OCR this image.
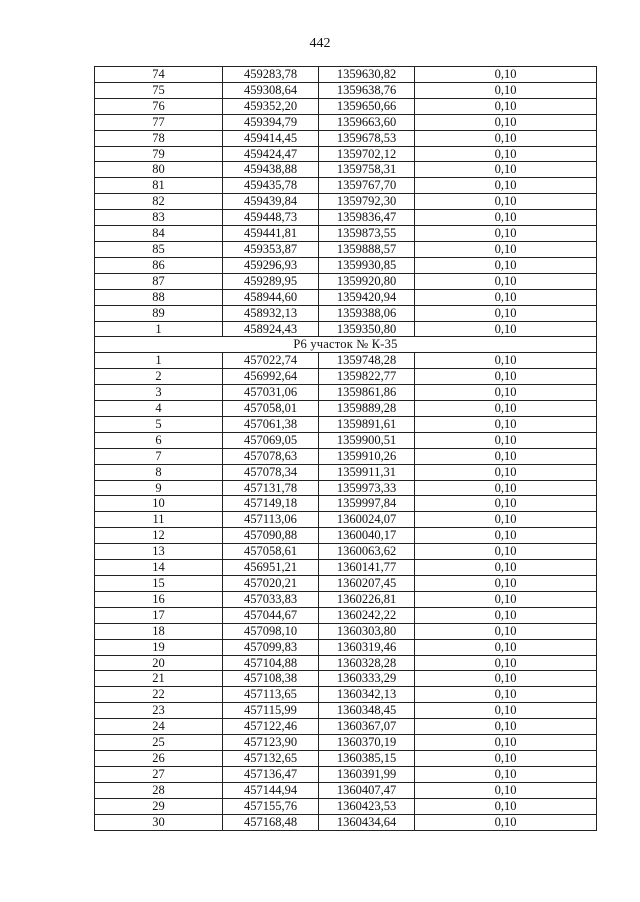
442
74	459283,78	1359630,82	0,10
75	459308,64	1359638,76	0,10
76	459352,20	1359650,66	0,10
77	459394,79	1359663,60	0,10
78	459414,45	1359678,53	0,10
79	459424,47	1359702,12	0,10
80	459438,88	1359758,31	0,10
81	459435,78	1359767,70	0,10
82	459439,84	1359792,30	0,10
83	459448,73	1359836,47	0,10
84	459441,81	1359873,55	0,10
85	459353,87	1359888,57	0,10
86	459296,93	1359930,85	0,10
87	459289,95	1359920,80	0,10
88	458944,60	1359420,94	0,10
89	458932,13	1359388,06	0,10
1	458924,43	1359350,80	0,10
Р6 участок № К-35			
1	457022,74	1359748,28	0,10
2	456992,64	1359822,77	0,10
3	457031,06	1359861,86	0,10
4	457058,01	1359889,28	0,10
5	457061,38	1359891,61	0,10
6	457069,05	1359900,51	0,10
7	457078,63	1359910,26	0,10
8	457078,34	1359911,31	0,10
9	457131,78	1359973,33	0,10
10	457149,18	1359997,84	0,10
11	457113,06	1360024,07	0,10
12	457090,88	1360040,17	0,10
13	457058,61	1360063,62	0,10
14	456951,21	1360141,77	0,10
15	457020,21	1360207,45	0,10
16	457033,83	1360226,81	0,10
17	457044,67	1360242,22	0,10
18	457098,10	1360303,80	0,10
19	457099,83	1360319,46	0,10
20	457104,88	1360328,28	0,10
21	457108,38	1360333,29	0,10
22	457113,65	1360342,13	0,10
23	457115,99	1360348,45	0,10
24	457122,46	1360367,07	0,10
25	457123,90	1360370,19	0,10
26	457132,65	1360385,15	0,10
27	457136,47	1360391,99	0,10
28	457144,94	1360407,47	0,10
29	457155,76	1360423,53	0,10
30	457168,48	1360434,64	0,10
